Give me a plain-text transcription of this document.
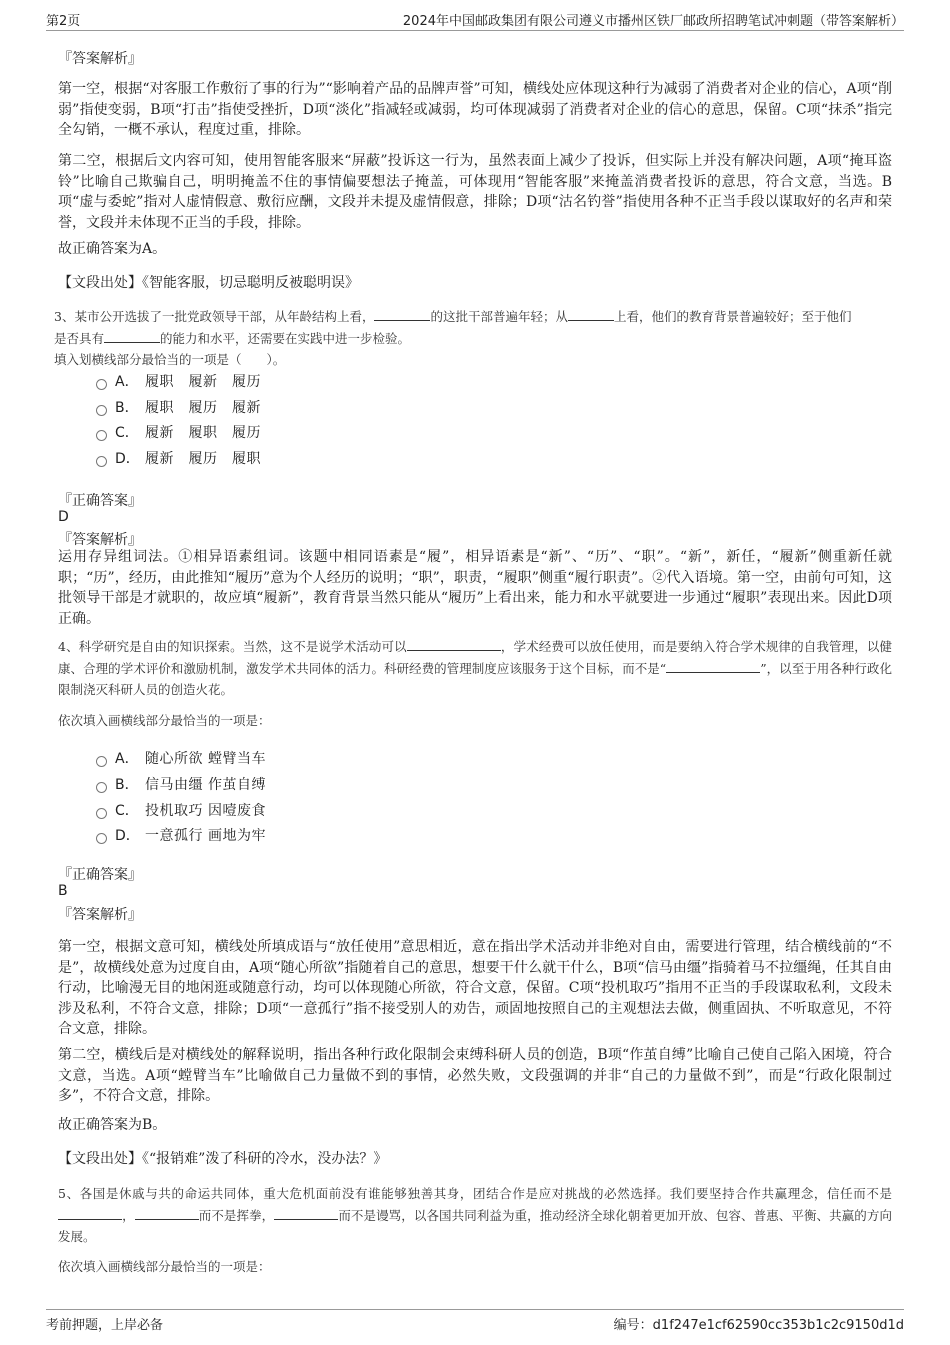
第2页	2024年中国邮政集团有限公司遵义市播州区铁厂邮政所招聘笔试冲刺题（带答案解析）
『答案解析』
第一空，根据“对客服工作敷衍了事的行为”“影响着产品的品牌声誉”可知，横线处应体现这种行为减弱了消费者对企业的信心，A项“削弱”指使变弱，B项“打击”指使受挫折，D项“淡化”指减轻或减弱，均可体现减弱了消费者对企业的信心的意思，保留。C项“抹杀”指完全勾销，一概不承认，程度过重，排除。
第二空，根据后文内容可知，使用智能客服来“屏蔽”投诉这一行为，虽然表面上减少了投诉，但实际上并没有解决问题，A项“掩耳盗铃”比喻自己欺骗自己，明明掩盖不住的事情偏要想法子掩盖，可体现用“智能客服”来掩盖消费者投诉的意思，符合文意，当选。B项“虚与委蛇”指对人虚情假意、敷衍应酬，文段并未提及虚情假意，排除；D项“沽名钓誉”指使用各种不正当手段以谋取好的名声和荣誉，文段并未体现不正当的手段，排除。
故正确答案为A。
【文段出处】《智能客服，切忌聪明反被聪明误》
3、某市公开选拔了一批党政领导干部，从年龄结构上看，	的这批干部普遍年轻；从	上看，他们的教育背景普遍较好；至于他们
是否具有	的能力和水平，还需要在实践中进一步检验。
填入划横线部分最恰当的一项是（　　）。
A． 履职　履新　履历
B． 履职　履历　履新
C． 履新　履职　履历
D． 履新　履历　履职
『正确答案』
D
『答案解析』
运用存异组词法。①相异语素组词。该题中相同语素是“履”，相异语素是“新”、“历”、“职”。“新”，新任，“履新”侧重新任就职；“历”，经历，由此推知“履历”意为个人经历的说明；“职”，职责，“履职”侧重“履行职责”。②代入语境。第一空，由前句可知，这批领导干部是才就职的，故应填“履新”，教育背景当然只能从“履历”上看出来，能力和水平就要进一步通过“履职”表现出来。因此D项正确。
4、科学研究是自由的知识探索。当然，这不是说学术活动可以	，学术经费可以放任使用，而是要纳入符合学术规律的自我管理，以健康、合理的学术评价和激励机制，激发学术共同体的活力。科研经费的管理制度应该服务于这个目标，而不是“	”，以至于用各种行政化限制浇灭科研人员的创造火花。
依次填入画横线部分最恰当的一项是：
A． 随心所欲 螳臂当车
B． 信马由缰 作茧自缚
C． 投机取巧 因噎废食
D． 一意孤行 画地为牢
『正确答案』
B
『答案解析』
第一空，根据文意可知，横线处所填成语与“放任使用”意思相近，意在指出学术活动并非绝对自由，需要进行管理，结合横线前的“不是”，故横线处意为过度自由，A项“随心所欲”指随着自己的意思，想要干什么就干什么，B项“信马由缰”指骑着马不拉缰绳，任其自由行动，比喻漫无目的地闲逛或随意行动，均可以体现随心所欲，符合文意，保留。C项“投机取巧”指用不正当的手段谋取私利，文段未涉及私利，不符合文意，排除；D项“一意孤行”指不接受别人的劝告，顽固地按照自己的主观想法去做，侧重固执、不听取意见，不符合文意，排除。
第二空，横线后是对横线处的解释说明，指出各种行政化限制会束缚科研人员的创造，B项“作茧自缚”比喻自己使自己陷入困境，符合文意，当选。A项“螳臂当车”比喻做自己力量做不到的事情，必然失败，文段强调的并非“自己的力量做不到”，而是“行政化限制过多”，不符合文意，排除。
故正确答案为B。
【文段出处】《“报销难”泼了科研的冷水，没办法？》
5、各国是休戚与共的命运共同体，重大危机面前没有谁能够独善其身，团结合作是应对挑战的必然选择。我们要坚持合作共赢理念，信任而不是，	而不是挥拳，	而不是谩骂，以各国共同利益为重，推动经济全球化朝着更加开放、包容、普惠、平衡、共赢的方向发展。
依次填入画横线部分最恰当的一项是：
考前押题，上岸必备	编号：d1f247e1cf62590cc353b1c2c9150d1d
